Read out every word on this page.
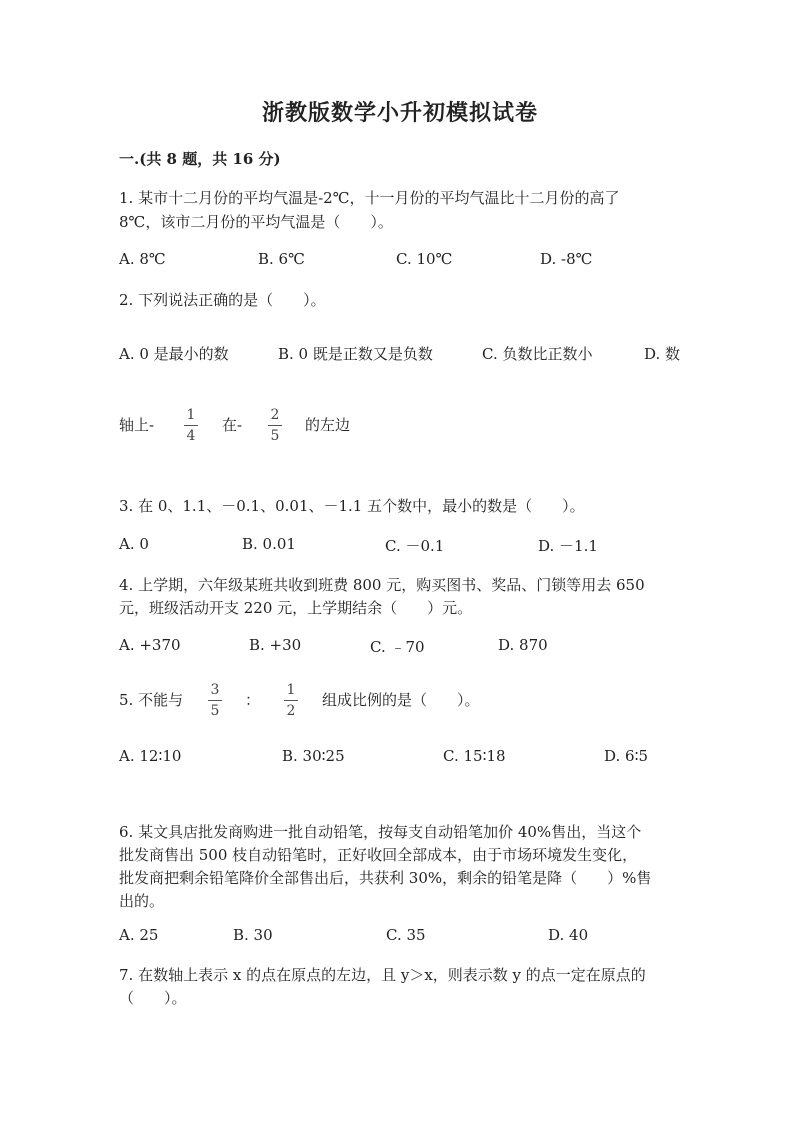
浙教版数学小升初模拟试卷
一.(共 8 题，共 16 分)
1. 某市十二月份的平均气温是-2℃，十一月份的平均气温比十二月份的高了
8℃，该市二月份的平均气温是（　　）。
A. 8℃	B. 6℃	C. 10℃	D. -8℃
2. 下列说法正确的是（　　）。
A. 0 是最小的数	B. 0 既是正数又是负数	C. 负数比正数小	D. 数
轴上-
1
4
在-
2
5
的左边
3. 在 0、1.1、－0.1、0.01、－1.1 五个数中，最小的数是（　　）。
A. 0	B. 0.01	C. －0.1	D. －1.1
4. 上学期，六年级某班共收到班费 800 元，购买图书、奖品、门锁等用去 650
元，班级活动开支 220 元，上学期结余（　　）元。
A. +370	B. +30	C. ﹣70	D. 870
5. 不能与
3
5
：
1
2
组成比例的是（　　）。
A. 12∶10	B. 30∶25	C. 15∶18	D. 6∶5
6. 某文具店批发商购进一批自动铅笔，按每支自动铅笔加价 40%售出，当这个
批发商售出 500 枝自动铅笔时，正好收回全部成本，由于市场环境发生变化，
批发商把剩余铅笔降价全部售出后，共获利 30%，剩余的铅笔是降（　　）%售
出的。
A. 25	B. 30	C. 35	D. 40
7. 在数轴上表示 x 的点在原点的左边，且 y＞x，则表示数 y 的点一定在原点的
（　　）。
